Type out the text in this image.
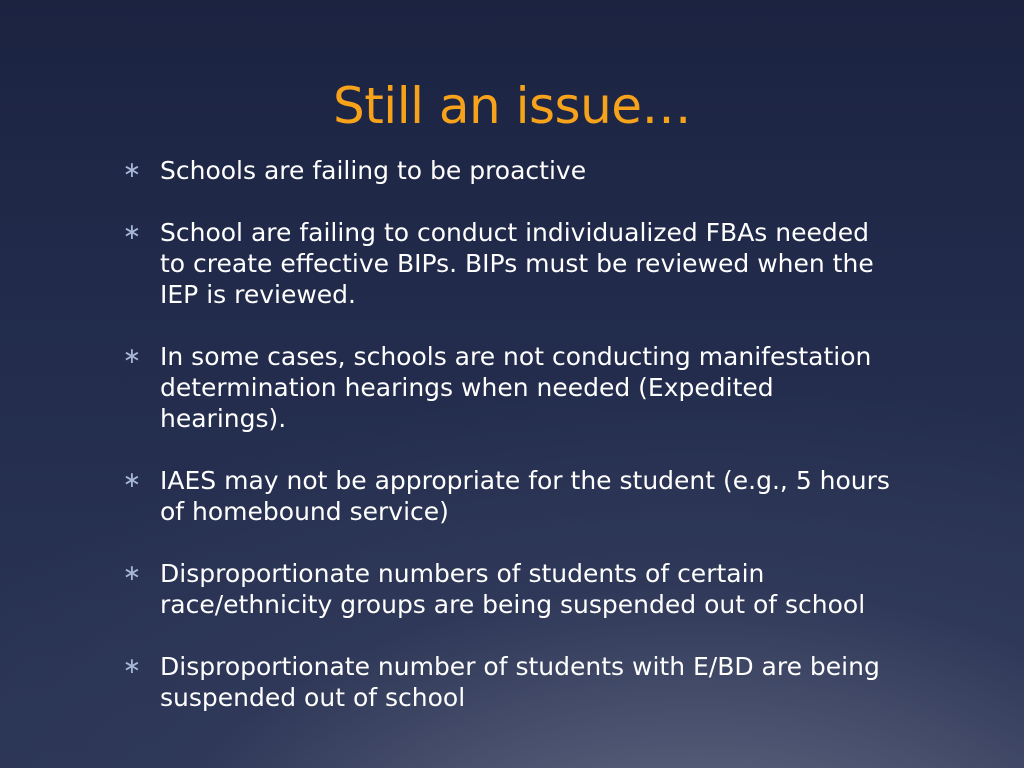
Still an issue…
∗ Schools are failing to be proactive
∗ School are failing to conduct individualized FBAs needed to create effective BIPs. BIPs must be reviewed when the IEP is reviewed.
∗ In some cases, schools are not conducting manifestation determination hearings when needed (Expedited hearings).
∗ IAES may not be appropriate for the student (e.g., 5 hours of homebound service)
∗ Disproportionate numbers of students of certain race/ethnicity groups are being suspended out of school
∗ Disproportionate number of students with E/BD are being suspended out of school
